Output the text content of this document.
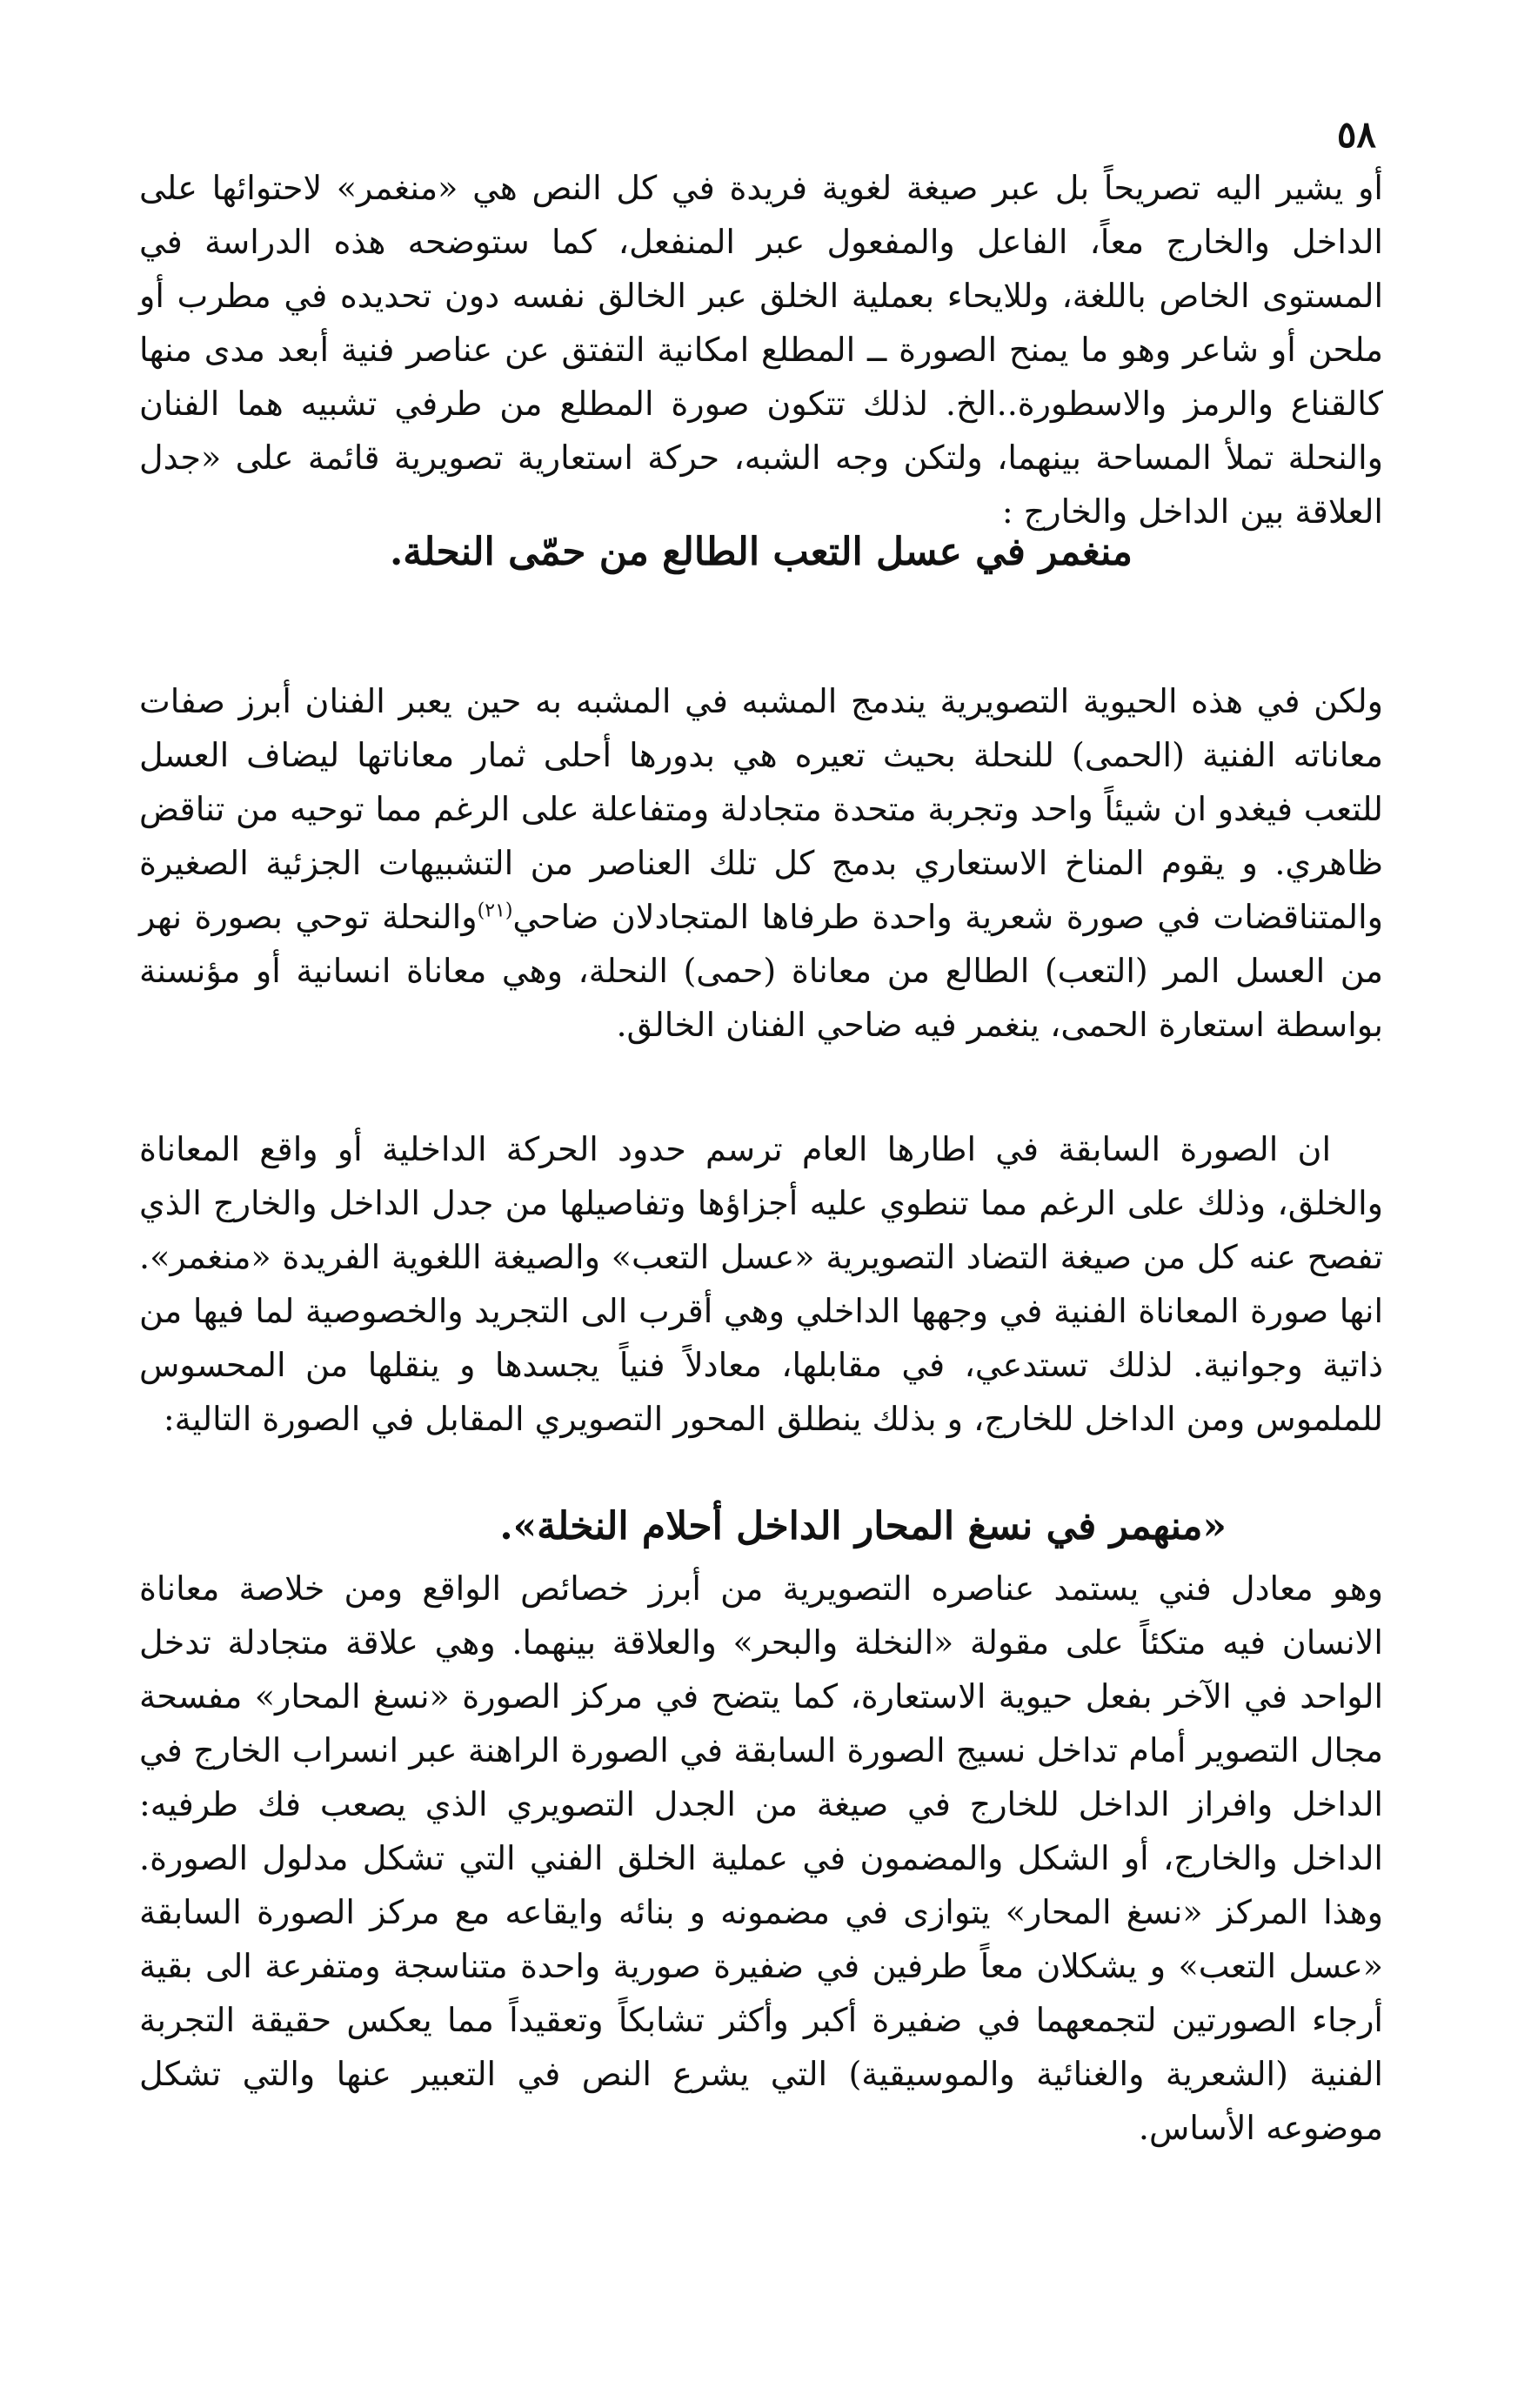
٥٨

أو يشير اليه تصريحاً بل عبر صيغة لغوية فريدة في كل النص هي «منغمر» لاحتوائها على الداخل والخارج معاً، الفاعل والمفعول عبر المنفعل، كما ستوضحه هذه الدراسة في المستوى الخاص باللغة، وللايحاء بعملية الخلق عبر الخالق نفسه دون تحديده في مطرب أو ملحن أو شاعر وهو ما يمنح الصورة ــ المطلع امكانية التفتق عن عناصر فنية أبعد مدى منها كالقناع والرمز والاسطورة..الخ. لذلك تتكون صورة المطلع من طرفي تشبيه هما الفنان والنحلة تملأ المساحة بينهما، ولتكن وجه الشبه، حركة استعارية تصويرية قائمة على «جدل العلاقة بين الداخل والخارج :

منغمر في عسل التعب الطالع من حمّى النحلة.

ولكن في هذه الحيوية التصويرية يندمج المشبه في المشبه به حين يعبر الفنان أبرز صفات معاناته الفنية (الحمى) للنحلة بحيث تعيره هي بدورها أحلى ثمار معاناتها ليضاف العسل للتعب فيغدو ان شيئاً واحد وتجربة متحدة متجادلة ومتفاعلة على الرغم مما توحيه من تناقض ظاهري. و يقوم المناخ الاستعاري بدمج كل تلك العناصر من التشبيهات الجزئية الصغيرة والمتناقضات في صورة شعرية واحدة طرفاها المتجادلان ضاحي$^{(٢١)}$والنحلة توحي بصورة نهر من العسل المر (التعب) الطالع من معاناة (حمى) النحلة، وهي معاناة انسانية أو مؤنسنة بواسطة استعارة الحمى، ينغمر فيه ضاحي الفنان الخالق.

ان الصورة السابقة في اطارها العام ترسم حدود الحركة الداخلية أو واقع المعاناة والخلق، وذلك على الرغم مما تنطوي عليه أجزاؤها وتفاصيلها من جدل الداخل والخارج الذي تفصح عنه كل من صيغة التضاد التصويرية «عسل التعب» والصيغة اللغوية الفريدة «منغمر». انها صورة المعاناة الفنية في وجهها الداخلي وهي أقرب الى التجريد والخصوصية لما فيها من ذاتية وجوانية. لذلك تستدعي، في مقابلها، معادلاً فنياً يجسدها و ينقلها من المحسوس للملموس ومن الداخل للخارج، و بذلك ينطلق المحور التصويري المقابل في الصورة التالية:

«منهمر في نسغ المحار الداخل أحلام النخلة».

وهو معادل فني يستمد عناصره التصويرية من أبرز خصائص الواقع ومن خلاصة معاناة الانسان فيه متكئاً على مقولة «النخلة والبحر» والعلاقة بينهما. وهي علاقة متجادلة تدخل الواحد في الآخر بفعل حيوية الاستعارة، كما يتضح في مركز الصورة «نسغ المحار» مفسحة مجال التصوير أمام تداخل نسيج الصورة السابقة في الصورة الراهنة عبر انسراب الخارج في الداخل وافراز الداخل للخارج في صيغة من الجدل التصويري الذي يصعب فك طرفيه: الداخل والخارج، أو الشكل والمضمون في عملية الخلق الفني التي تشكل مدلول الصورة. وهذا المركز «نسغ المحار» يتوازى في مضمونه و بنائه وايقاعه مع مركز الصورة السابقة «عسل التعب» و يشكلان معاً طرفين في ضفيرة صورية واحدة متناسجة ومتفرعة الى بقية أرجاء الصورتين لتجمعهما في ضفيرة أكبر وأكثر تشابكاً وتعقيداً مما يعكس حقيقة التجربة الفنية (الشعرية والغنائية والموسيقية) التي يشرع النص في التعبير عنها والتي تشكل موضوعه الأساس.
